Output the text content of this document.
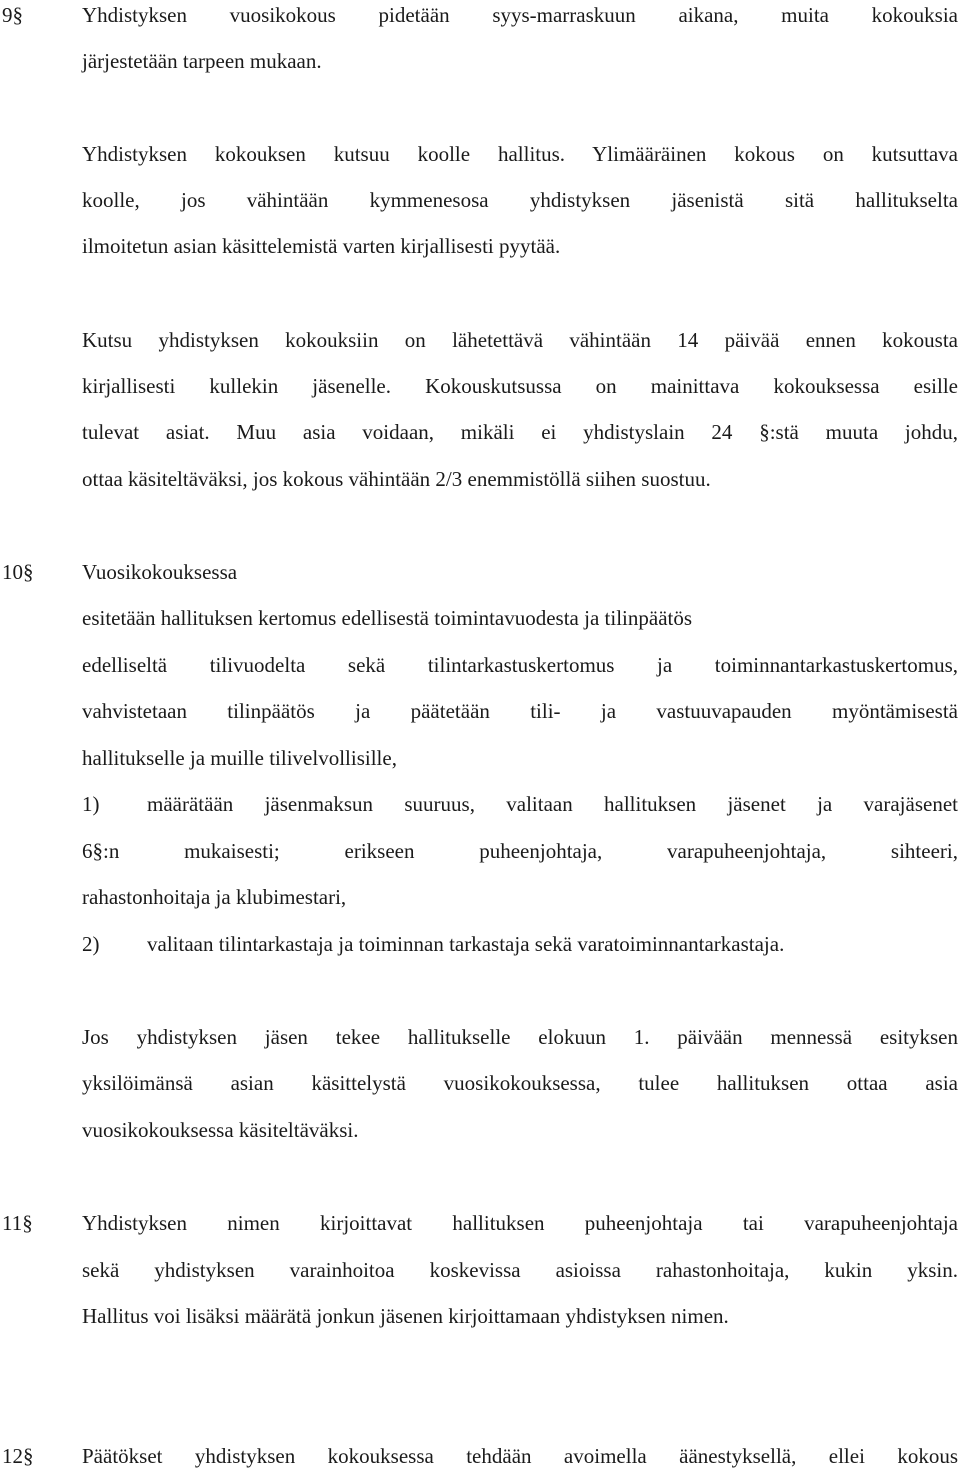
9§	Yhdistyksen vuosikokous pidetään syys-marraskuun aikana, muita kokouksia
järjestetään tarpeen mukaan.
Yhdistyksen kokouksen kutsuu koolle hallitus. Ylimääräinen kokous on kutsuttava
koolle, jos vähintään kymmenesosa yhdistyksen jäsenistä sitä hallitukselta
ilmoitetun asian käsittelemistä varten kirjallisesti pyytää.
Kutsu yhdistyksen kokouksiin on lähetettävä vähintään 14 päivää ennen kokousta
kirjallisesti kullekin jäsenelle. Kokouskutsussa on mainittava kokouksessa esille
tulevat asiat. Muu asia voidaan, mikäli ei yhdistyslain 24 §:stä muuta johdu,
ottaa käsiteltäväksi, jos kokous vähintään 2/3 enemmistöllä siihen suostuu.
10§ Vuosikokouksessa
esitetään hallituksen kertomus edellisestä toimintavuodesta ja tilinpäätös
edelliseltä tilivuodelta sekä tilintarkastuskertomus ja toiminnantarkastuskertomus,
vahvistetaan tilinpäätös ja päätetään tili- ja vastuuvapauden myöntämisestä
hallitukselle ja muille tilivelvollisille,
1) määrätään jäsenmaksun suuruus, valitaan hallituksen jäsenet ja varajäsenet
6§:n mukaisesti; erikseen puheenjohtaja, varapuheenjohtaja, sihteeri,
rahastonhoitaja ja klubimestari,
2) valitaan tilintarkastaja ja toiminnan tarkastaja sekä varatoiminnantarkastaja.
Jos yhdistyksen jäsen tekee hallitukselle elokuun 1. päivään mennessä esityksen
yksilöimänsä asian käsittelystä vuosikokouksessa, tulee hallituksen ottaa asia
vuosikokouksessa käsiteltäväksi.
11§ Yhdistyksen nimen kirjoittavat hallituksen puheenjohtaja tai varapuheenjohtaja
sekä yhdistyksen varainhoitoa koskevissa asioissa rahastonhoitaja, kukin yksin.
Hallitus voi lisäksi määrätä jonkun jäsenen kirjoittamaan yhdistyksen nimen.
12§ Päätökset yhdistyksen kokouksessa tehdään avoimella äänestyksellä, ellei kokous
